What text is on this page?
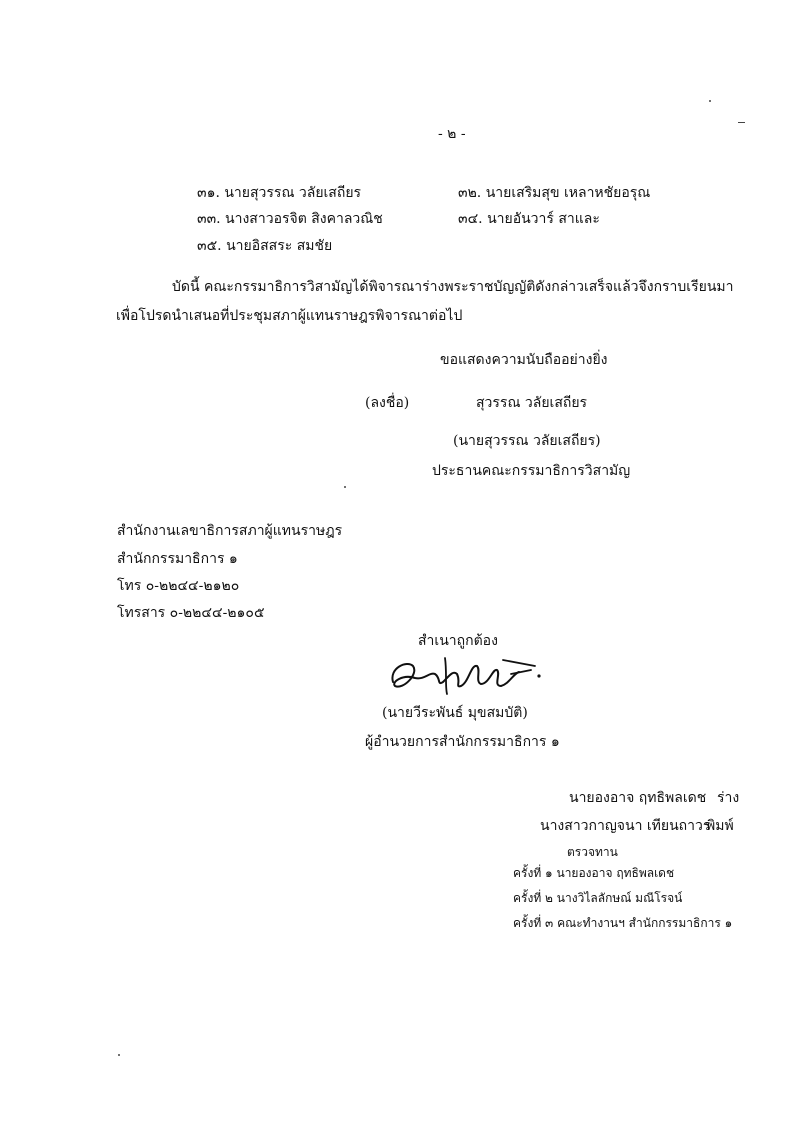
- ๒ -
๓๑. นายสุวรรณ วลัยเสถียร	๓๒. นายเสริมสุข เหลาหชัยอรุณ
๓๓. นางสาวอรจิต สิงคาลวณิช	๓๔. นายอันวาร์ สาและ
๓๕. นายอิสสระ สมชัย
บัดนี้ คณะกรรมาธิการวิสามัญได้พิจารณาร่างพระราชบัญญัติดังกล่าวเสร็จแล้วจึงกราบเรียนมา
เพื่อโปรดนำเสนอที่ประชุมสภาผู้แทนราษฎรพิจารณาต่อไป
ขอแสดงความนับถืออย่างยิ่ง
(ลงชื่อ)	สุวรรณ วลัยเสถียร
(นายสุวรรณ วลัยเสถียร)
ประธานคณะกรรมาธิการวิสามัญ
สำนักงานเลขาธิการสภาผู้แทนราษฎร
สำนักกรรมาธิการ ๑
โทร ๐-๒๒๔๔-๒๑๒๐
โทรสาร ๐-๒๒๔๔-๒๑๐๕
สำเนาถูกต้อง
(นายวีระพันธ์ มุขสมบัติ)
ผู้อำนวยการสำนักกรรมาธิการ ๑
นายองอาจ ฤทธิพลเดช ร่าง
นางสาวกาญจนา เทียนถาวร
พิมพ์
ตรวจทาน
ครั้งที่ ๑ นายองอาจ ฤทธิพลเดช
ครั้งที่ ๒ นางวิไลลักษณ์ มณีโรจน์
ครั้งที่ ๓ คณะทำงานฯ สำนักกรรมาธิการ ๑
